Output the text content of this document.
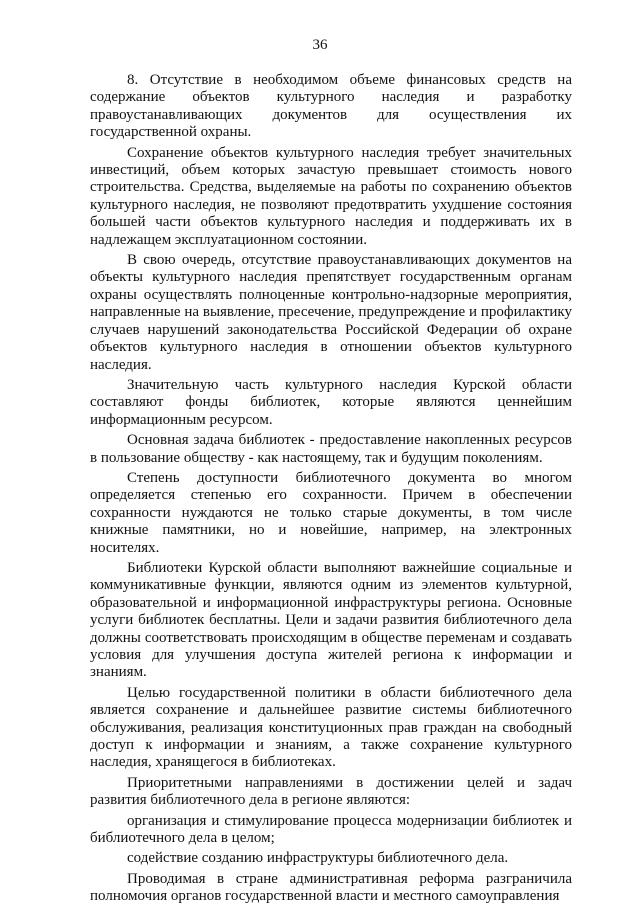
36

8. Отсутствие в необходимом объеме финансовых средств на содержание объектов культурного наследия и разработку правоустанавливающих документов для осуществления их государственной охраны.

Сохранение объектов культурного наследия требует значительных инвестиций, объем которых зачастую превышает стоимость нового строительства. Средства, выделяемые на работы по сохранению объектов культурного наследия, не позволяют предотвратить ухудшение состояния большей части объектов культурного наследия и поддерживать их в надлежащем эксплуатационном состоянии.

В свою очередь, отсутствие правоустанавливающих документов на объекты культурного наследия препятствует государственным органам охраны осуществлять полноценные контрольно-надзорные мероприятия, направленные на выявление, пресечение, предупреждение и профилактику случаев нарушений законодательства Российской Федерации об охране объектов культурного наследия в отношении объектов культурного наследия.

Значительную часть культурного наследия Курской области составляют фонды библиотек, которые являются ценнейшим информационным ресурсом.

Основная задача библиотек - предоставление накопленных ресурсов в пользование обществу - как настоящему, так и будущим поколениям.

Степень доступности библиотечного документа во многом определяется степенью его сохранности. Причем в обеспечении сохранности нуждаются не только старые документы, в том числе книжные памятники, но и новейшие, например, на электронных носителях.

Библиотеки Курской области выполняют важнейшие социальные и коммуникативные функции, являются одним из элементов культурной, образовательной и информационной инфраструктуры региона. Основные услуги библиотек бесплатны. Цели и задачи развития библиотечного дела должны соответствовать происходящим в обществе переменам и создавать условия для улучшения доступа жителей региона к информации и знаниям.

Целью государственной политики в области библиотечного дела является сохранение и дальнейшее развитие системы библиотечного обслуживания, реализация конституционных прав граждан на свободный доступ к информации и знаниям, а также сохранение культурного наследия, хранящегося в библиотеках.

Приоритетными направлениями в достижении целей и задач развития библиотечного дела в регионе являются:

организация и стимулирование процесса модернизации библиотек и библиотечного дела в целом;

содействие созданию инфраструктуры библиотечного дела.

Проводимая в стране административная реформа разграничила полномочия органов государственной власти и местного самоуправления
